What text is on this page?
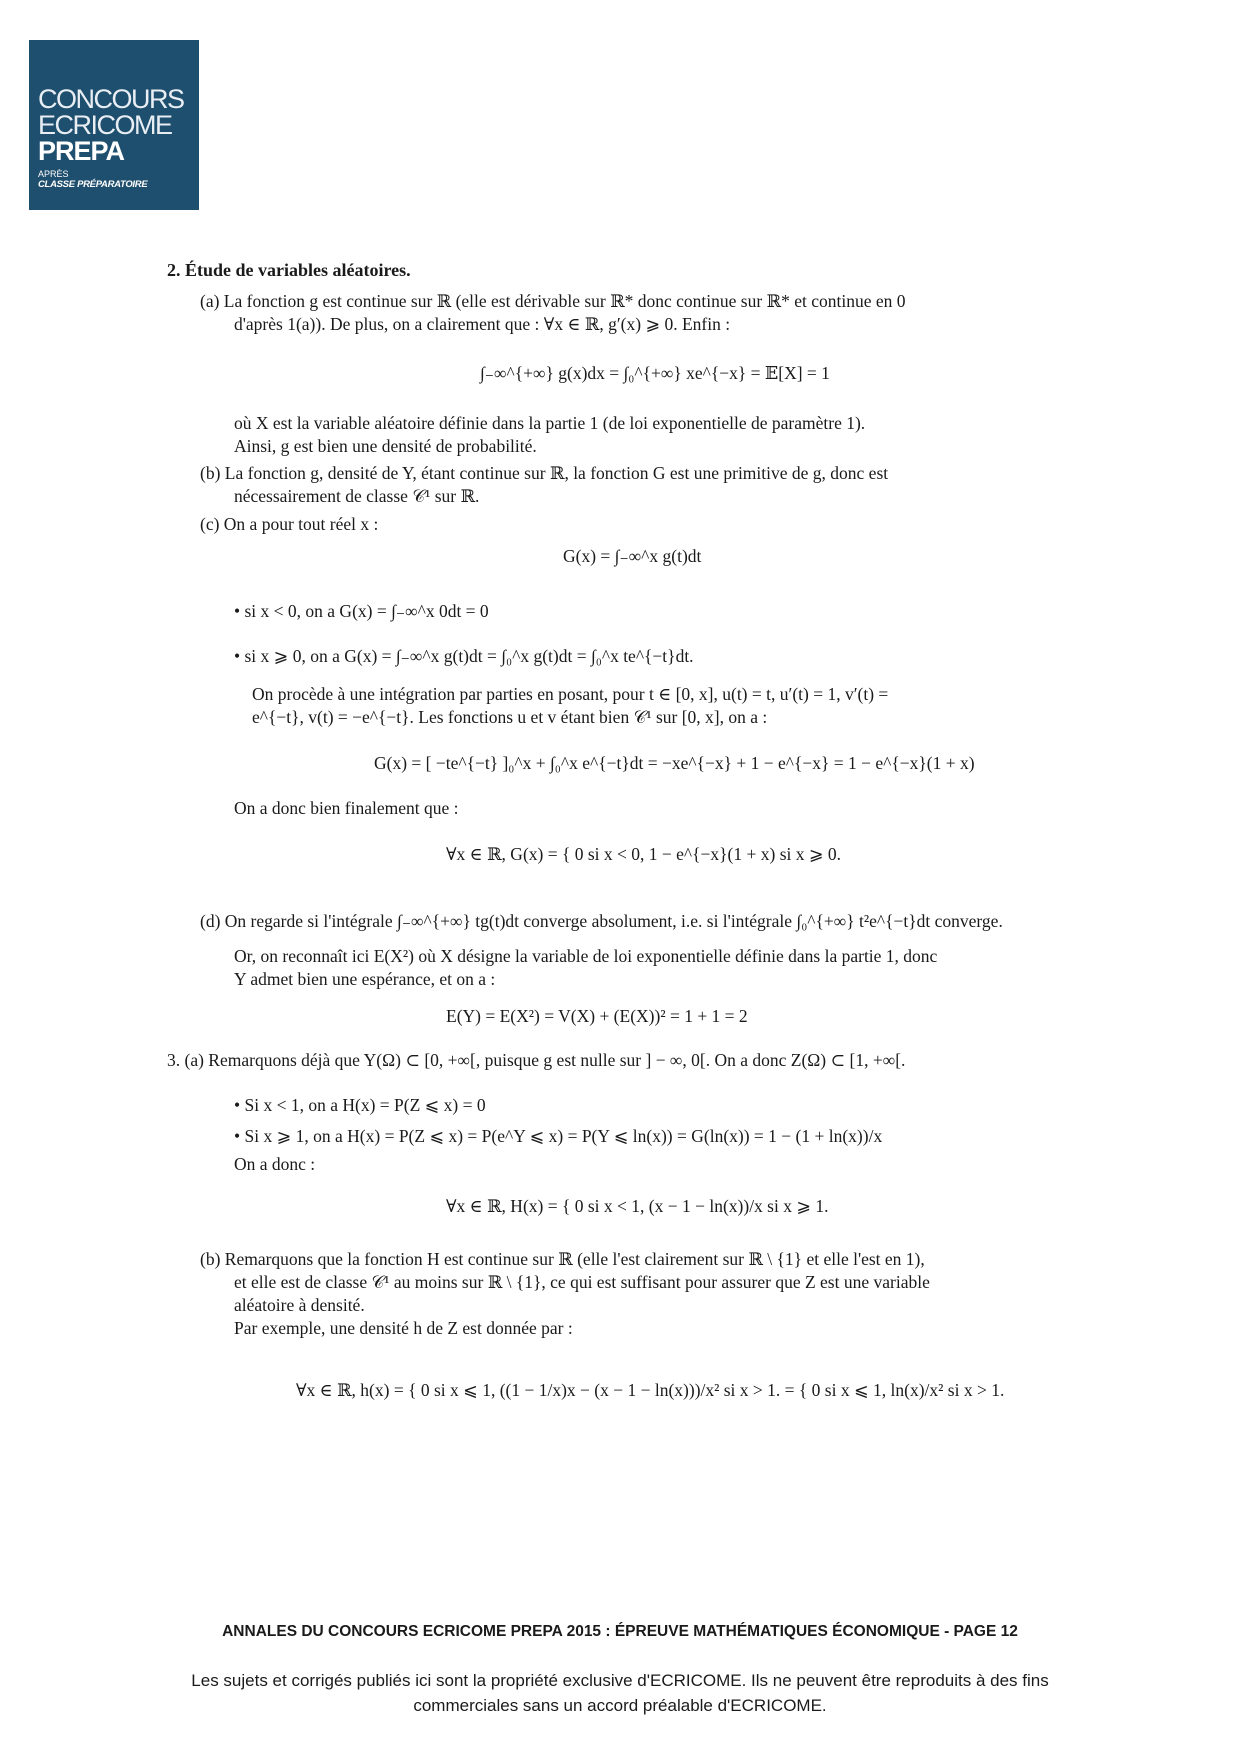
CONCOURS
ECRICOME
PREPA
APRÈS
CLASSE PRÉPARATOIRE
2. Étude de variables aléatoires.
(a) La fonction g est continue sur ℝ (elle est dérivable sur ℝ* donc continue sur ℝ* et continue en 0
d'après 1(a)). De plus, on a clairement que : ∀x ∈ ℝ, g′(x) ⩾ 0. Enfin :
∫₋∞^{+∞} g(x)dx = ∫₀^{+∞} xe^{−x} = 𝔼[X] = 1
où X est la variable aléatoire définie dans la partie 1 (de loi exponentielle de paramètre 1).
Ainsi, g est bien une densité de probabilité.
(b) La fonction g, densité de Y, étant continue sur ℝ, la fonction G est une primitive de g, donc est
nécessairement de classe 𝒞¹ sur ℝ.
(c) On a pour tout réel x :
G(x) = ∫₋∞^x g(t)dt
• si x < 0, on a G(x) = ∫₋∞^x 0dt = 0
• si x ⩾ 0, on a G(x) = ∫₋∞^x g(t)dt = ∫₀^x g(t)dt = ∫₀^x te^{−t}dt.
On procède à une intégration par parties en posant, pour t ∈ [0, x], u(t) = t, u′(t) = 1, v′(t) =
e^{−t}, v(t) = −e^{−t}. Les fonctions u et v étant bien 𝒞¹ sur [0, x], on a :
G(x) = [ −te^{−t} ]₀^x + ∫₀^x e^{−t}dt = −xe^{−x} + 1 − e^{−x} = 1 − e^{−x}(1 + x)
On a donc bien finalement que :
∀x ∈ ℝ, G(x) = { 0 si x < 0, 1 − e^{−x}(1 + x) si x ⩾ 0.
(d) On regarde si l'intégrale ∫₋∞^{+∞} tg(t)dt converge absolument, i.e. si l'intégrale ∫₀^{+∞} t²e^{−t}dt converge.
Or, on reconnaît ici E(X²) où X désigne la variable de loi exponentielle définie dans la partie 1, donc
Y admet bien une espérance, et on a :
E(Y) = E(X²) = V(X) + (E(X))² = 1 + 1 = 2
3. (a) Remarquons déjà que Y(Ω) ⊂ [0, +∞[, puisque g est nulle sur ] − ∞, 0[. On a donc Z(Ω) ⊂ [1, +∞[.
• Si x < 1, on a H(x) = P(Z ⩽ x) = 0
• Si x ⩾ 1, on a H(x) = P(Z ⩽ x) = P(e^Y ⩽ x) = P(Y ⩽ ln(x)) = G(ln(x)) = 1 − (1 + ln(x))/x
On a donc :
∀x ∈ ℝ, H(x) = { 0 si x < 1, (x − 1 − ln(x))/x si x ⩾ 1.
(b) Remarquons que la fonction H est continue sur ℝ (elle l'est clairement sur ℝ \ {1} et elle l'est en 1),
et elle est de classe 𝒞¹ au moins sur ℝ \ {1}, ce qui est suffisant pour assurer que Z est une variable
aléatoire à densité.
Par exemple, une densité h de Z est donnée par :
∀x ∈ ℝ, h(x) = { 0 si x ⩽ 1, ((1 − 1/x)x − (x − 1 − ln(x)))/x² si x > 1. = { 0 si x ⩽ 1, ln(x)/x² si x > 1.
ANNALES DU CONCOURS ECRICOME PREPA 2015 : ÉPREUVE MATHÉMATIQUES ÉCONOMIQUE - PAGE 12
Les sujets et corrigés publiés ici sont la propriété exclusive d'ECRICOME. Ils ne peuvent être reproduits à des fins commerciales sans un accord préalable d'ECRICOME.
